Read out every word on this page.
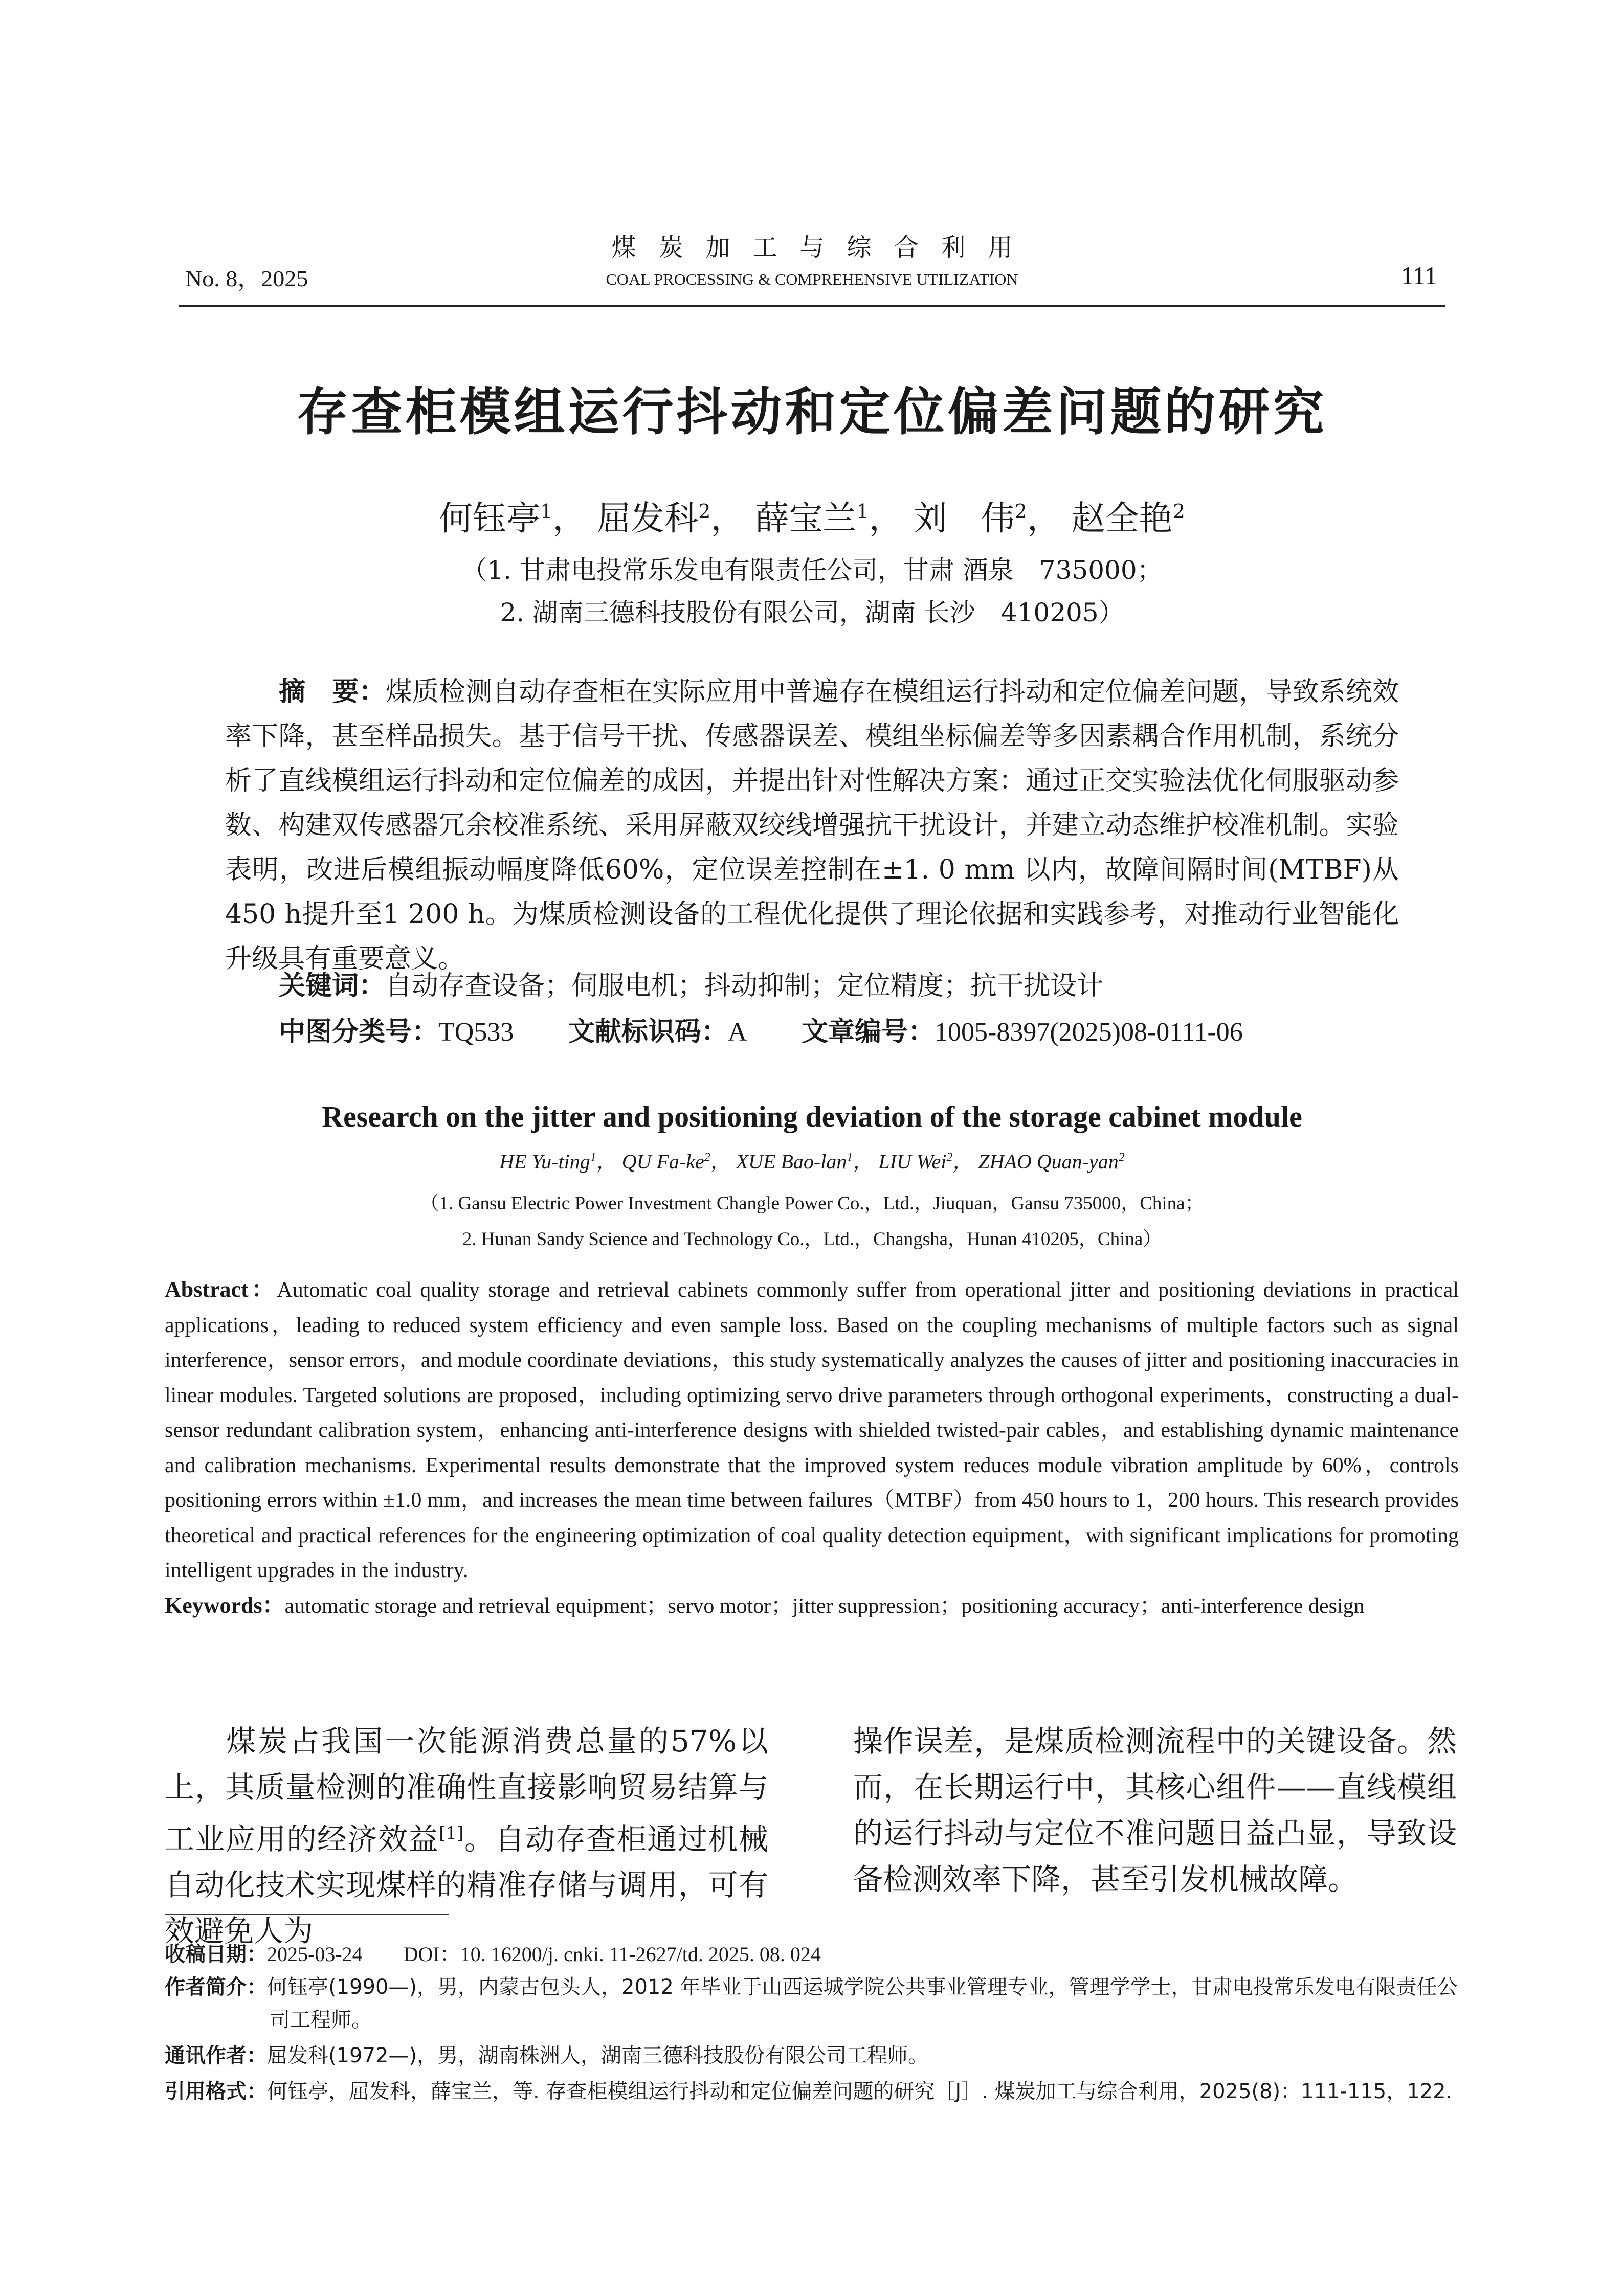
煤炭加工与综合利用
No. 8，2025	COAL PROCESSING & COMPREHENSIVE UTILIZATION	111
存查柜模组运行抖动和定位偏差问题的研究
何钰亭$^1$， 屈发科$^2$， 薛宝兰$^1$， 刘　伟$^2$， 赵全艳$^2$
（1. 甘肃电投常乐发电有限责任公司，甘肃 酒泉　735000；
2. 湖南三德科技股份有限公司，湖南 长沙　410205）
摘　要：煤质检测自动存查柜在实际应用中普遍存在模组运行抖动和定位偏差问题，导致系统效率下降，甚至样品损失。基于信号干扰、传感器误差、模组坐标偏差等多因素耦合作用机制，系统分析了直线模组运行抖动和定位偏差的成因，并提出针对性解决方案：通过正交实验法优化伺服驱动参数、构建双传感器冗余校准系统、采用屏蔽双绞线增强抗干扰设计，并建立动态维护校准机制。实验表明，改进后模组振动幅度降低60%，定位误差控制在±1. 0 mm 以内，故障间隔时间(MTBF)从450 h提升至1 200 h。为煤质检测设备的工程优化提供了理论依据和实践参考，对推动行业智能化升级具有重要意义。
关键词：自动存查设备；伺服电机；抖动抑制；定位精度；抗干扰设计
中图分类号：TQ533 文献标识码：A 文章编号：1005-8397(2025)08-0111-06
Research on the jitter and positioning deviation of the storage cabinet module
HE Yu-ting$^1$， QU $Fa-ke^2$， XUE Bao-lan$^1$， LIU Wei$^2$， ZHAO Quan-yan$^2$
（1. Gansu Electric Power Investment Changle Power Co.，Ltd.，Jiuquan，Gansu 735000，China；
2. Hunan Sandy Science and Technology Co.，Ltd.，Changsha，Hunan 410205，China）
Abstract：Automatic coal quality storage and retrieval cabinets commonly suffer from operational jitter and positioning deviations in practical applications，leading to reduced system efficiency and even sample loss. Based on the coupling mechanisms of multiple factors such as signal interference，sensor errors，and module coordinate deviations，this study systematically analyzes the causes of jitter and positioning inaccuracies in linear modules. Targeted solutions are proposed，including optimizing servo drive parameters through orthogonal experiments，constructing a dual-sensor redundant calibration system，enhancing anti-interference designs with shielded twisted-pair cables，and establishing dynamic maintenance and calibration mechanisms. Experimental results demonstrate that the improved system reduces module vibration amplitude by 60%，controls positioning errors within ±1.0 mm，and increases the mean time between failures（MTBF）from 450 hours to 1，200 hours. This research provides theoretical and practical references for the engineering optimization of coal quality detection equipment，with significant implications for promoting intelligent upgrades in the industry.
Keywords：automatic storage and retrieval equipment；servo motor；jitter suppression；positioning accuracy；anti-interference design
煤炭占我国一次能源消费总量的57%以上，其质量检测的准确性直接影响贸易结算与工业应用的经济效益[1]。自动存查柜通过机械自动化技术实现煤样的精准存储与调用，可有效避免人为
操作误差，是煤质检测流程中的关键设备。然而，在长期运行中，其核心组件——直线模组的运行抖动与定位不准问题日益凸显，导致设备检测效率下降，甚至引发机械故障。
收稿日期：2025-03-24 DOI：10. 16200/j. cnki. 11-2627/td. 2025. 08. 024
作者简介：何钰亭(1990—)，男，内蒙古包头人，2012 年毕业于山西运城学院公共事业管理专业，管理学学士，甘肃电投常乐发电有限责任公司工程师。
通讯作者：屈发科(1972—)，男，湖南株洲人，湖南三德科技股份有限公司工程师。
引用格式：何钰亭，屈发科，薛宝兰，等. 存查柜模组运行抖动和定位偏差问题的研究［J］. 煤炭加工与综合利用，2025(8)：111-115，122.
